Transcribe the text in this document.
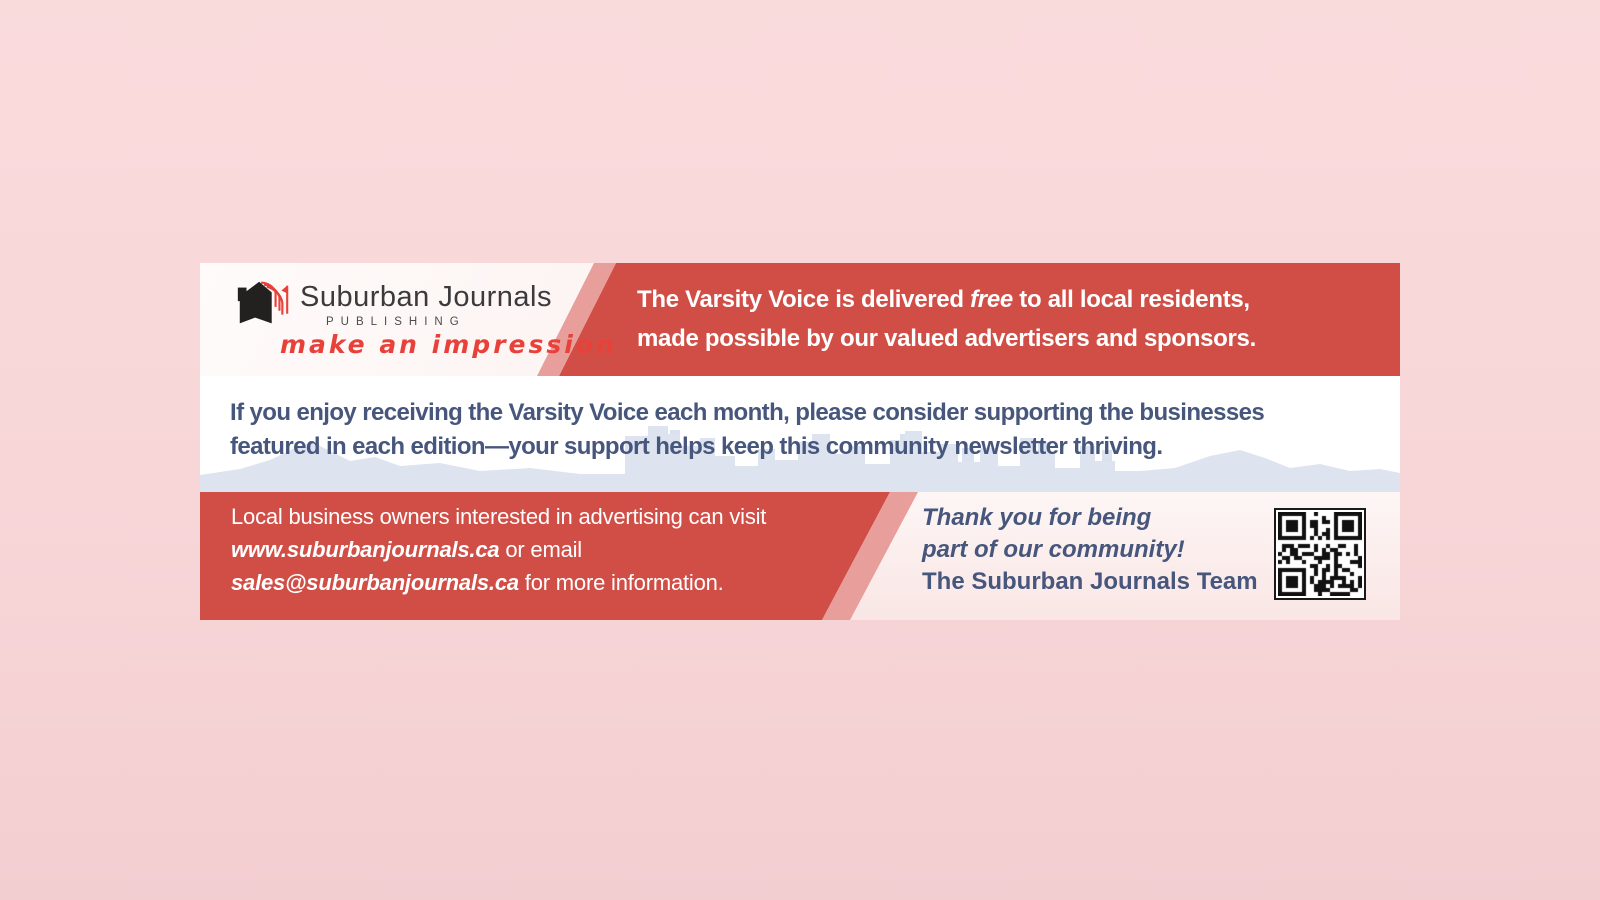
Suburban Journals
PUBLISHING
make an impression
The Varsity Voice is delivered free to all local residents,
made possible by our valued advertisers and sponsors.
If you enjoy receiving the Varsity Voice each month, please consider supporting the businesses
featured in each edition—your support helps keep this community newsletter thriving.
Local business owners interested in advertising can visit
www.suburbanjournals.ca or email
sales@suburbanjournals.ca for more information.
Thank you for being
part of our community!
The Suburban Journals Team
